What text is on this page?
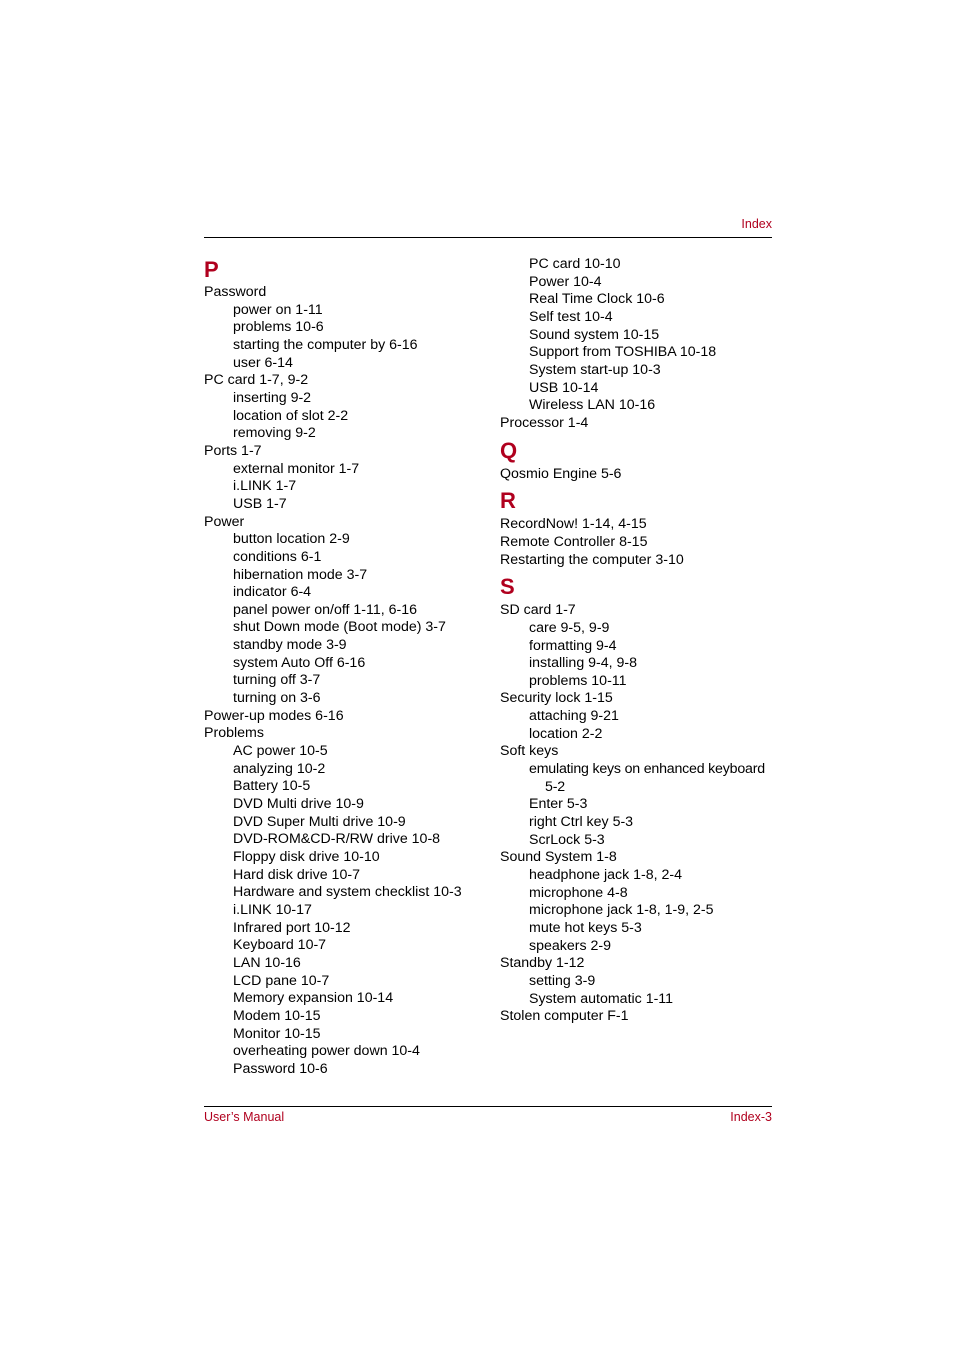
Index
P
Password
power on 1-11
problems 10-6
starting the computer by 6-16
user 6-14
PC card 1-7, 9-2
inserting 9-2
location of slot 2-2
removing 9-2
Ports 1-7
external monitor 1-7
i.LINK 1-7
USB 1-7
Power
button location 2-9
conditions 6-1
hibernation mode 3-7
indicator 6-4
panel power on/off 1-11, 6-16
shut Down mode (Boot mode) 3-7
standby mode 3-9
system Auto Off 6-16
turning off 3-7
turning on 3-6
Power-up modes 6-16
Problems
AC power 10-5
analyzing 10-2
Battery 10-5
DVD Multi drive 10-9
DVD Super Multi drive 10-9
DVD-ROM&CD-R/RW drive 10-8
Floppy disk drive 10-10
Hard disk drive 10-7
Hardware and system checklist 10-3
i.LINK 10-17
Infrared port 10-12
Keyboard 10-7
LAN 10-16
LCD pane 10-7
Memory expansion 10-14
Modem 10-15
Monitor 10-15
overheating power down 10-4
Password 10-6
PC card 10-10
Power 10-4
Real Time Clock 10-6
Self test 10-4
Sound system 10-15
Support from TOSHIBA 10-18
System start-up 10-3
USB 10-14
Wireless LAN 10-16
Processor 1-4
Q
Qosmio Engine 5-6
R
RecordNow! 1-14, 4-15
Remote Controller 8-15
Restarting the computer 3-10
S
SD card 1-7
care 9-5, 9-9
formatting 9-4
installing 9-4, 9-8
problems 10-11
Security lock 1-15
attaching 9-21
location 2-2
Soft keys
emulating keys on enhanced keyboard 5-2
Enter 5-3
right Ctrl key 5-3
ScrLock 5-3
Sound System 1-8
headphone jack 1-8, 2-4
microphone 4-8
microphone jack 1-8, 1-9, 2-5
mute hot keys 5-3
speakers 2-9
Standby 1-12
setting 3-9
System automatic 1-11
Stolen computer F-1
User’s Manual	Index-3
